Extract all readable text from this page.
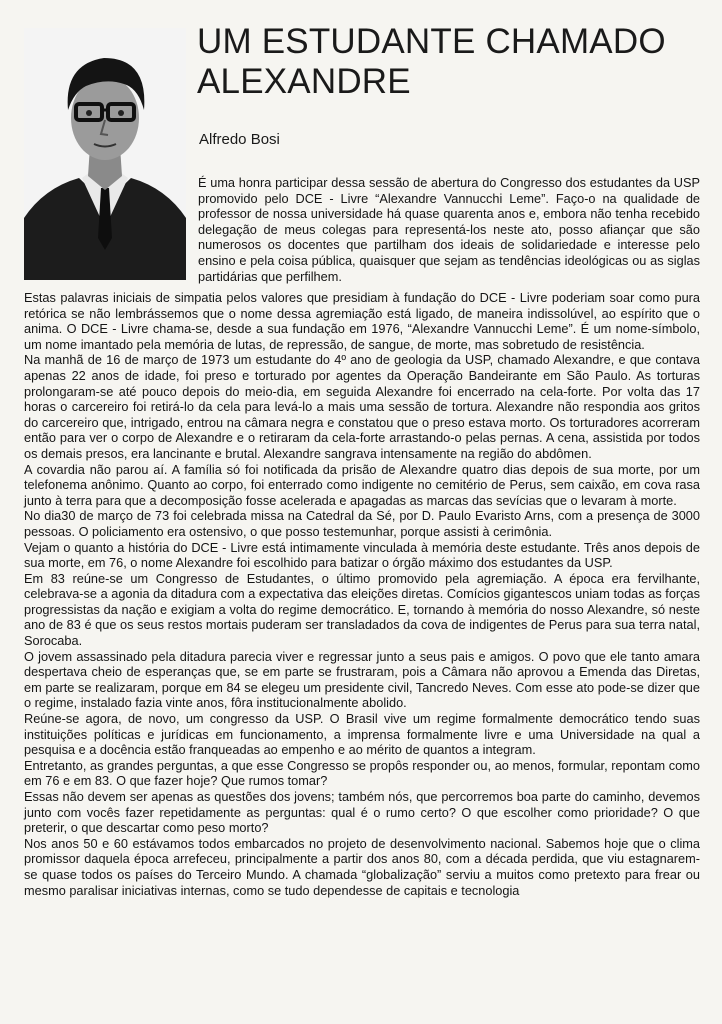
UM ESTUDANTE CHAMADO ALEXANDRE
Alfredo Bosi

É uma honra participar dessa sessão de abertura do Congresso dos estudantes da USP promovido pelo DCE - Livre “Alexandre Vannucchi Leme”. Faço-o na qualidade de professor de nossa universidade há quase quarenta anos e, embora não tenha recebido delegação de meus colegas para representá-los neste ato, posso afiançar que são numerosos os docentes que partilham dos ideais de solidariedade e interesse pelo ensino e pela coisa pública, quaisquer que sejam as tendências ideológicas ou as siglas partidárias que perfilhem.

Estas palavras iniciais de simpatia pelos valores que presidiam à fundação do DCE - Livre poderiam soar como pura retórica se não lembrássemos que o nome dessa agremiação está ligado, de maneira indissolúvel, ao espírito que o anima. O DCE - Livre chama-se, desde a sua fundação em 1976, “Alexandre Vannucchi Leme”. É um nome-símbolo, um nome imantado pela memória de lutas, de repressão, de sangue, de morte, mas sobretudo de resistência.

Na manhã de 16 de março de 1973 um estudante do 4º ano de geologia da USP, chamado Alexandre, e que contava apenas 22 anos de idade, foi preso e torturado por agentes da Operação Bandeirante em São Paulo. As torturas prolongaram-se até pouco depois do meio-dia, em seguida Alexandre foi encerrado na cela-forte. Por volta das 17 horas o carcereiro foi retirá-lo da cela para levá-lo a mais uma sessão de tortura. Alexandre não respondia aos gritos do carcereiro que, intrigado, entrou na câmara negra e constatou que o preso estava morto. Os torturadores acorreram então para ver o corpo de Alexandre e o retiraram da cela-forte arrastando-o pelas pernas. A cena, assistida por todos os demais presos, era lancinante e brutal. Alexandre sangrava intensamente na região do abdômen.

A covardia não parou aí. A família só foi notificada da prisão de Alexandre quatro dias depois de sua morte, por um telefonema anônimo. Quanto ao corpo, foi enterrado como indigente no cemitério de Perus, sem caixão, em cova rasa junto à terra para que a decomposição fosse acelerada e apagadas as marcas das sevícias que o levaram à morte.

No dia30 de março de 73 foi celebrada missa na Catedral da Sé, por D. Paulo Evaristo Arns, com a presença de 3000 pessoas. O policiamento era ostensivo, o que posso testemunhar, porque assisti à cerimônia.

Vejam o quanto a história do DCE - Livre está intimamente vinculada à memória deste estudante. Três anos depois de sua morte, em 76, o nome Alexandre foi escolhido para batizar o órgão máximo dos estudantes da USP.

Em 83 reúne-se um Congresso de Estudantes, o último promovido pela agremiação. A época era fervilhante, celebrava-se a agonia da ditadura com a expectativa das eleições diretas. Comícios gigantescos uniam todas as forças progressistas da nação e exigiam a volta do regime democrático. E, tornando à memória do nosso Alexandre, só neste ano de 83 é que os seus restos mortais puderam ser transladados da cova de indigentes de Perus para sua terra natal, Sorocaba.

O jovem assassinado pela ditadura parecia viver e regressar junto a seus pais e amigos. O povo que ele tanto amara despertava cheio de esperanças que, se em parte se frustraram, pois a Câmara não aprovou a Emenda das Diretas, em parte se realizaram, porque em 84 se elegeu um presidente civil, Tancredo Neves. Com esse ato pode-se dizer que o regime, instalado fazia vinte anos, fôra institucionalmente abolido.

Reúne-se agora, de novo, um congresso da USP. O Brasil vive um regime formalmente democrático tendo suas instituições políticas e jurídicas em funcionamento, a imprensa formalmente livre e uma Universidade na qual a pesquisa e a docência estão franqueadas ao empenho e ao mérito de quantos a integram.

Entretanto, as grandes perguntas, a que esse Congresso se propôs responder ou, ao menos, formular, repontam como em 76 e em 83. O que fazer hoje? Que rumos tomar?

Essas não devem ser apenas as questões dos jovens; também nós, que percorremos boa parte do caminho, devemos junto com vocês fazer repetidamente as perguntas: qual é o rumo certo? O que escolher como prioridade? O que preterir, o que descartar como peso morto?

Nos anos 50 e 60 estávamos todos embarcados no projeto de desenvolvimento nacional. Sabemos hoje que o clima promissor daquela época arrefeceu, principalmente a partir dos anos 80, com a década perdida, que viu estagnarem-se quase todos os países do Terceiro Mundo. A chamada “globalização” serviu a muitos como pretexto para frear ou mesmo paralisar iniciativas internas, como se tudo dependesse de capitais e tecnologia
